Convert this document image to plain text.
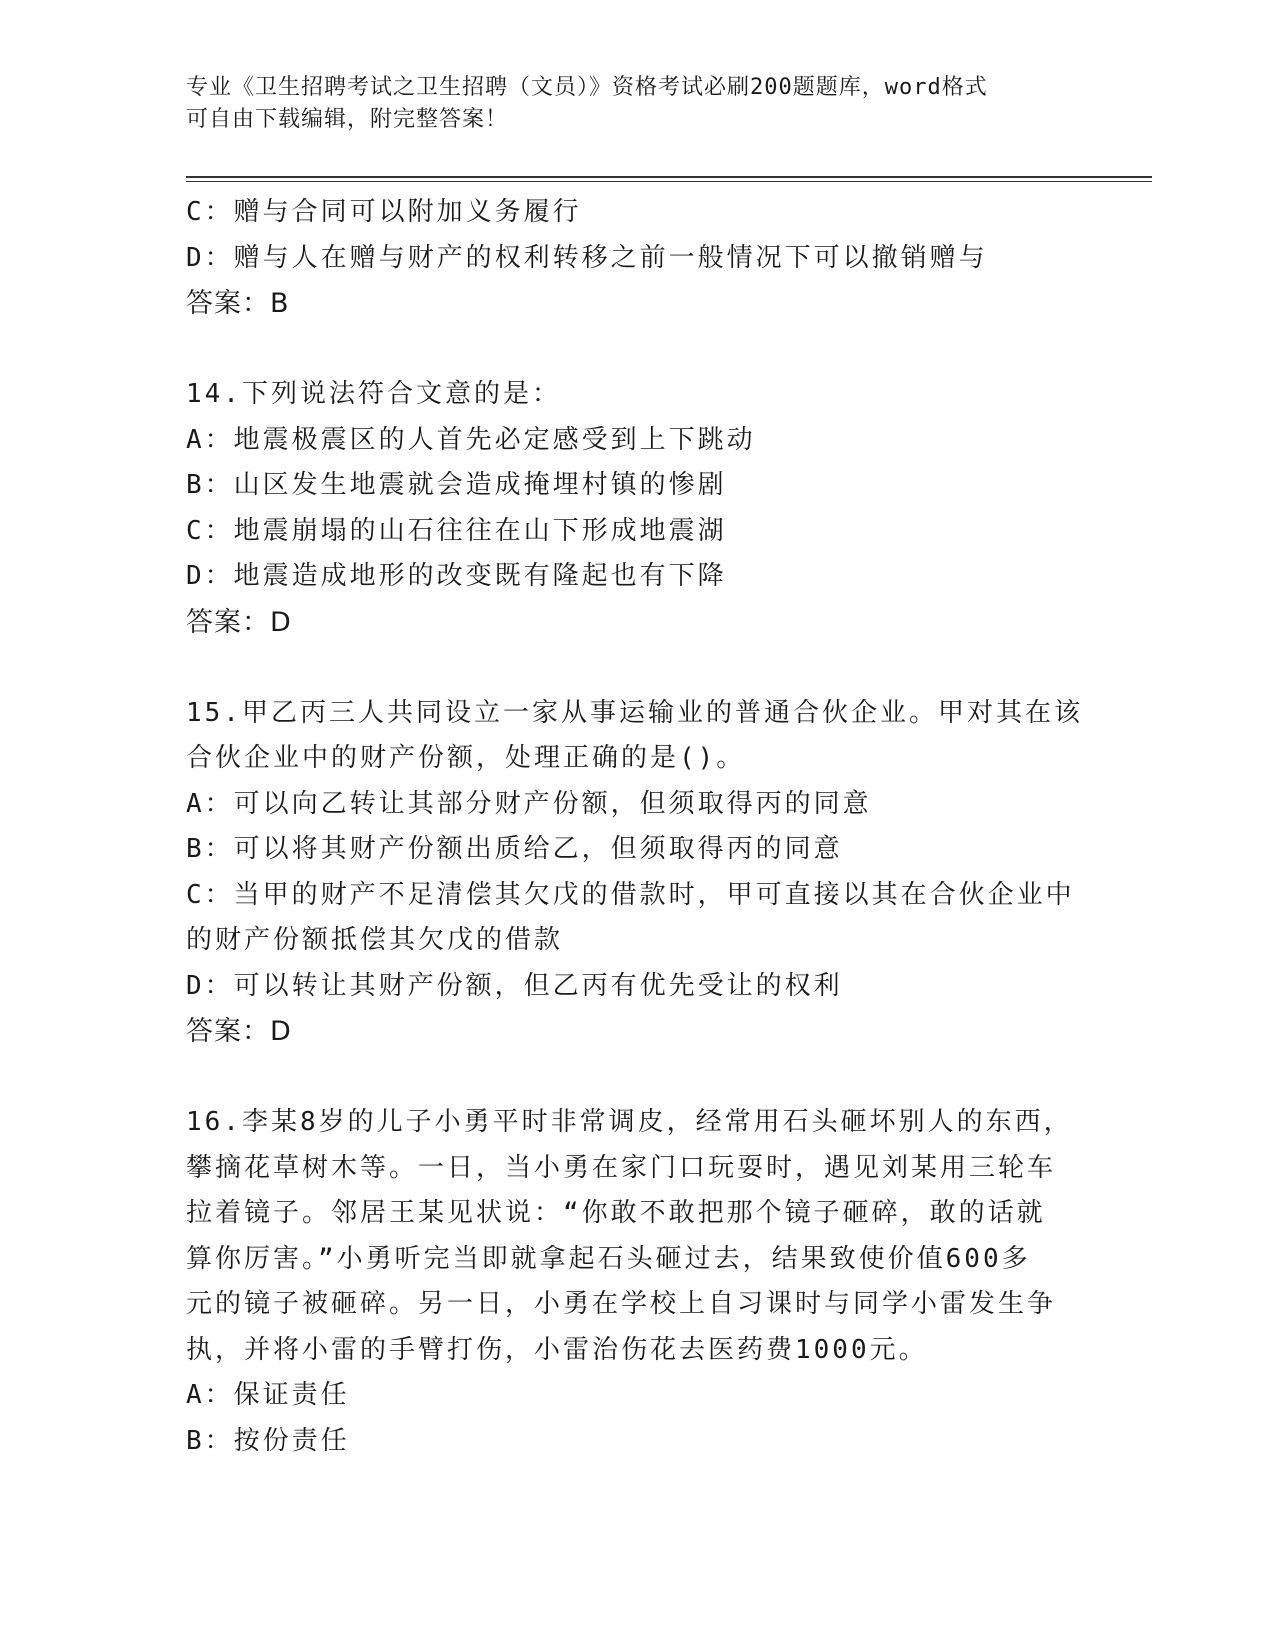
专业《卫生招聘考试之卫生招聘（文员）》资格考试必刷200题题库，word格式
可自由下载编辑，附完整答案！
C：赠与合同可以附加义务履行
D：赠与人在赠与财产的权利转移之前一般情况下可以撤销赠与
答案：B
14.下列说法符合文意的是：
A：地震极震区的人首先必定感受到上下跳动
B：山区发生地震就会造成掩埋村镇的惨剧
C：地震崩塌的山石往往在山下形成地震湖
D：地震造成地形的改变既有隆起也有下降
答案：D
15.甲乙丙三人共同设立一家从事运输业的普通合伙企业。甲对其在该
合伙企业中的财产份额，处理正确的是()。
A：可以向乙转让其部分财产份额，但须取得丙的同意
B：可以将其财产份额出质给乙，但须取得丙的同意
C：当甲的财产不足清偿其欠戊的借款时，甲可直接以其在合伙企业中
的财产份额抵偿其欠戊的借款
D：可以转让其财产份额，但乙丙有优先受让的权利
答案：D
16.李某8岁的儿子小勇平时非常调皮，经常用石头砸坏别人的东西，
攀摘花草树木等。一日，当小勇在家门口玩耍时，遇见刘某用三轮车
拉着镜子。邻居王某见状说：“你敢不敢把那个镜子砸碎，敢的话就
算你厉害。”小勇听完当即就拿起石头砸过去，结果致使价值600多
元的镜子被砸碎。另一日，小勇在学校上自习课时与同学小雷发生争
执，并将小雷的手臂打伤，小雷治伤花去医药费1000元。
A：保证责任
B：按份责任
